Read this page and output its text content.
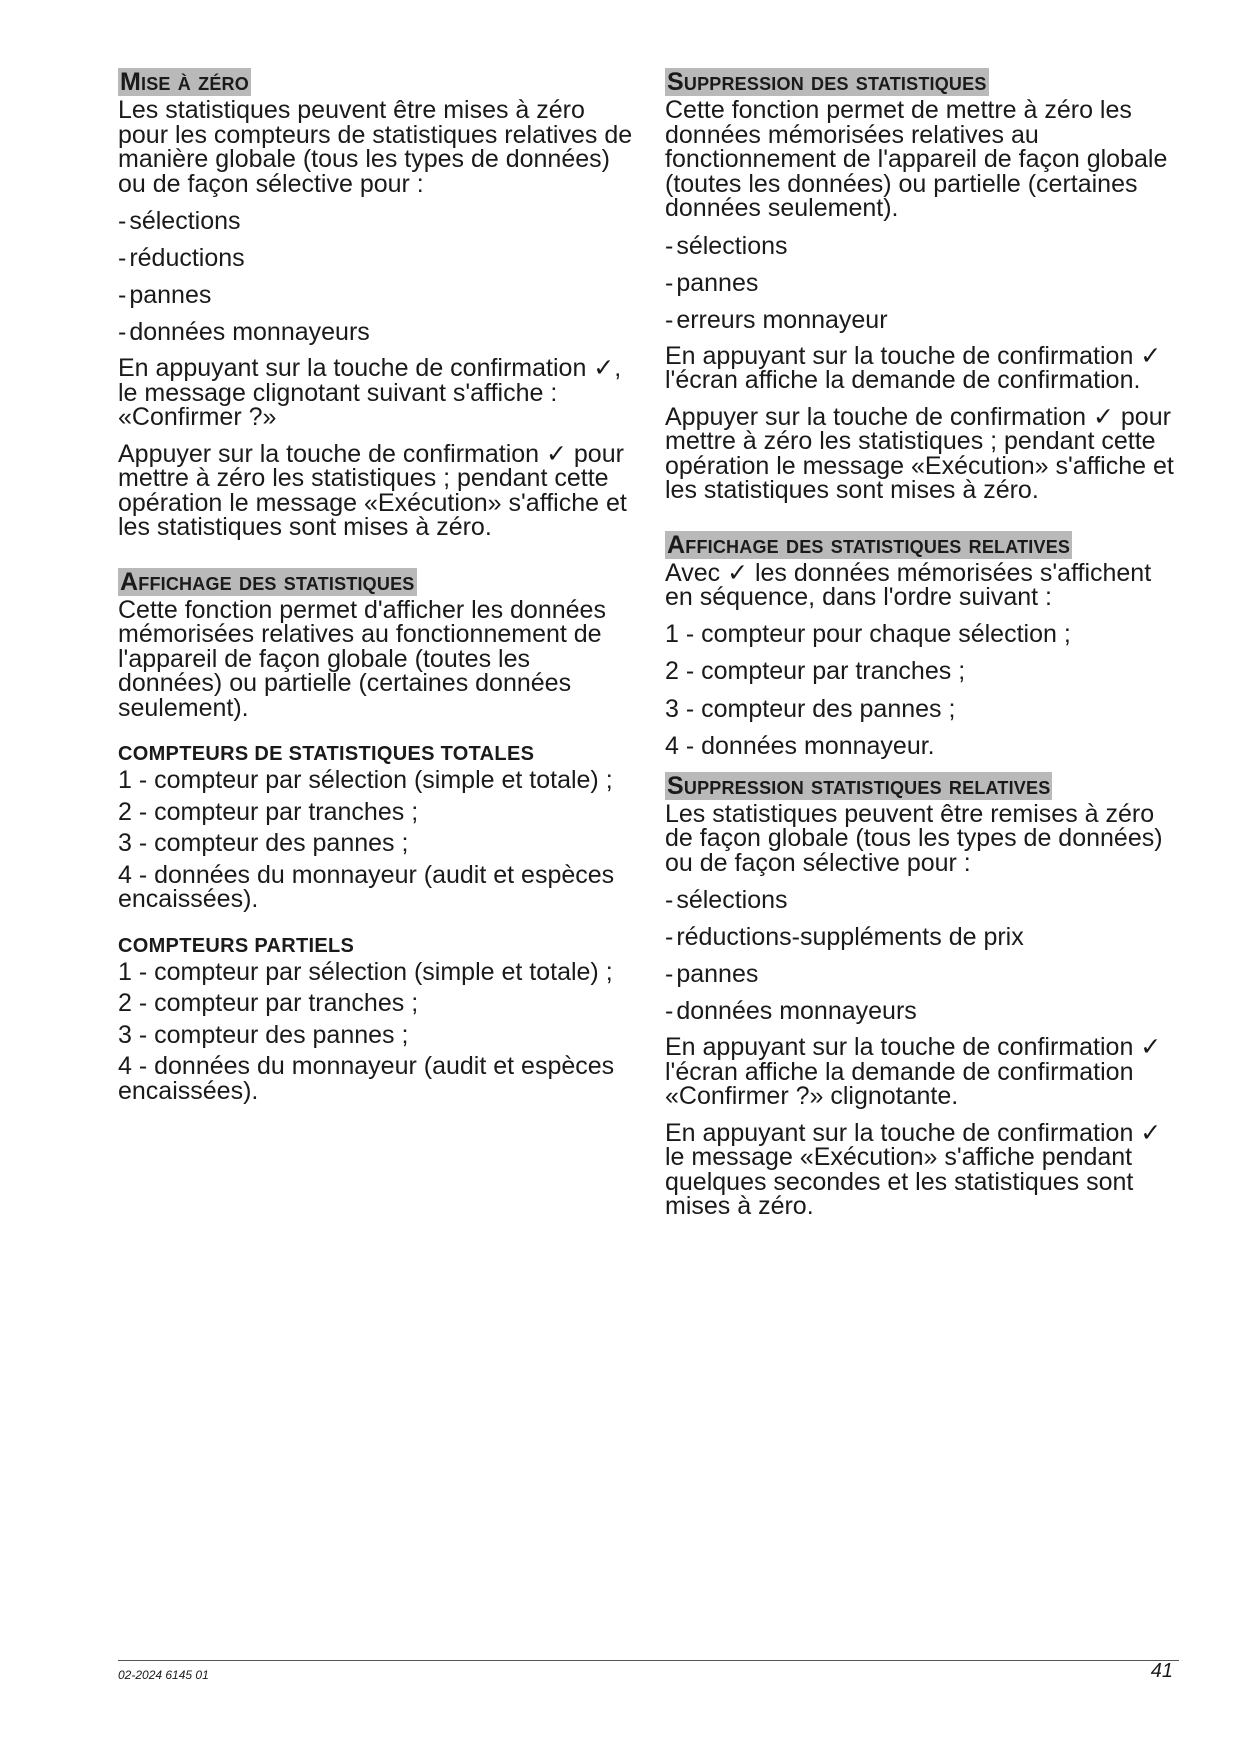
Mise à zéro

Les statistiques peuvent être mises à zéro pour les compteurs de statistiques relatives de manière globale (tous les types de données) ou de façon sélective pour :

- sélections
- réductions
- pannes
- données monnayeurs

En appuyant sur la touche de confirmation ✓, le message clignotant suivant s'affiche : «Confirmer ?»

Appuyer sur la touche de confirmation ✓ pour mettre à zéro les statistiques ; pendant cette opération le message «Exécution» s'affiche et les statistiques sont mises à zéro.

Affichage des statistiques

Cette fonction permet d'afficher les données mémorisées relatives au fonctionnement de l'appareil de façon globale (toutes les données) ou partielle (certaines données seulement).

COMPTEURS DE STATISTIQUES TOTALES
1 - compteur par sélection (simple et totale) ;
2 - compteur par tranches ;
3 - compteur des pannes ;
4 - données du monnayeur (audit et espèces encaissées).
COMPTEURS PARTIELS
1 - compteur par sélection (simple et totale) ;
2 - compteur par tranches ;
3 - compteur des pannes ;
4 - données du monnayeur (audit et espèces encaissées).
Suppression des statistiques

Cette fonction permet de mettre à zéro les données mémorisées relatives au fonctionnement de l'appareil de façon globale (toutes les données) ou partielle (certaines données seulement).

- sélections
- pannes
- erreurs monnayeur

En appuyant sur la touche de confirmation ✓ l'écran affiche la demande de confirmation.

Appuyer sur la touche de confirmation ✓ pour mettre à zéro les statistiques ; pendant cette opération le message «Exécution» s'affiche et les statistiques sont mises à zéro.

Affichage des statistiques relatives

Avec ✓ les données mémorisées s'affichent en séquence, dans l'ordre suivant :

1 - compteur pour chaque sélection ;
2 - compteur par tranches ;
3 - compteur des pannes ;
4 - données monnayeur.
Suppression statistiques relatives

Les statistiques peuvent être remises à zéro de façon globale (tous les types de données) ou de façon sélective pour :

- sélections
- réductions-suppléments de prix
- pannes
- données monnayeurs

En appuyant sur la touche de confirmation ✓ l'écran affiche la demande de confirmation «Confirmer ?» clignotante.

En appuyant sur la touche de confirmation ✓ le message «Exécution» s'affiche pendant quelques secondes et les statistiques sont mises à zéro.

02-2024 6145 01	41
